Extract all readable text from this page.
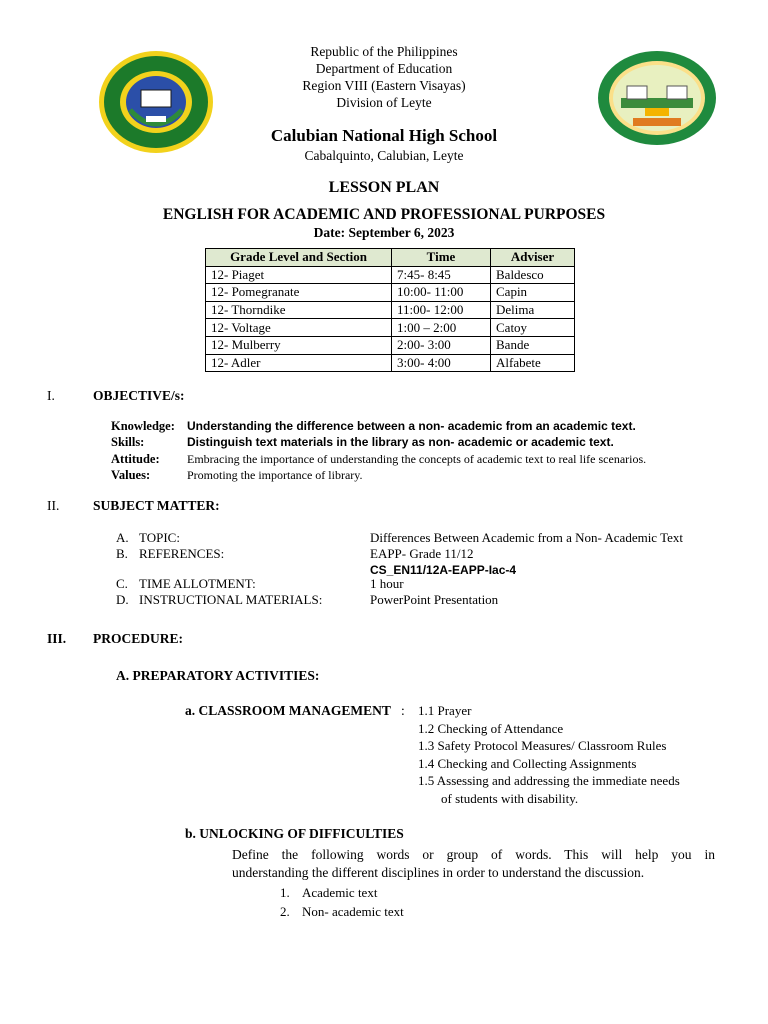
Republic of the Philippines
Department of Education
Region VIII (Eastern Visayas)
Division of Leyte
Calubian National High School
Cabalquinto, Calubian, Leyte
LESSON PLAN
ENGLISH FOR ACADEMIC AND PROFESSIONAL PURPOSES
Date: September 6, 2023
Grade Level and Section	Time	Adviser
12- Piaget	7:45- 8:45	Baldesco
12- Pomegranate	10:00- 11:00	Capin
12- Thorndike	11:00- 12:00	Delima
12- Voltage	1:00 – 2:00	Catoy
12- Mulberry	2:00- 3:00	Bande
12- Adler	3:00- 4:00	Alfabete
I.	OBJECTIVE/s:
Knowledge: Understanding the difference between a non- academic from an academic text.
Skills:	Distinguish text materials in the library as non- academic or academic text.
Attitude: Embracing the importance of understanding the concepts of academic text to real life scenarios.
Values:	Promoting the importance of library.
II. SUBJECT MATTER:
A. TOPIC:	Differences Between Academic from a Non- Academic Text
B. REFERENCES:	EAPP- Grade 11/12
CS_EN11/12A-EAPP-Iac-4
C. TIME ALLOTMENT:	1 hour
D. INSTRUCTIONAL MATERIALS:	PowerPoint Presentation
III. PROCEDURE:
A. PREPARATORY ACTIVITIES:
a. CLASSROOM MANAGEMENT : 1.1 Prayer
1.2 Checking of Attendance
1.3 Safety Protocol Measures/ Classroom Rules
1.4 Checking and Collecting Assignments
1.5 Assessing and addressing the immediate needs
of students with disability.
b. UNLOCKING OF DIFFICULTIES
Define the following words or group of words. This will help you in
understanding the different disciplines in order to understand the discussion.
1. Academic text
2. Non- academic text
